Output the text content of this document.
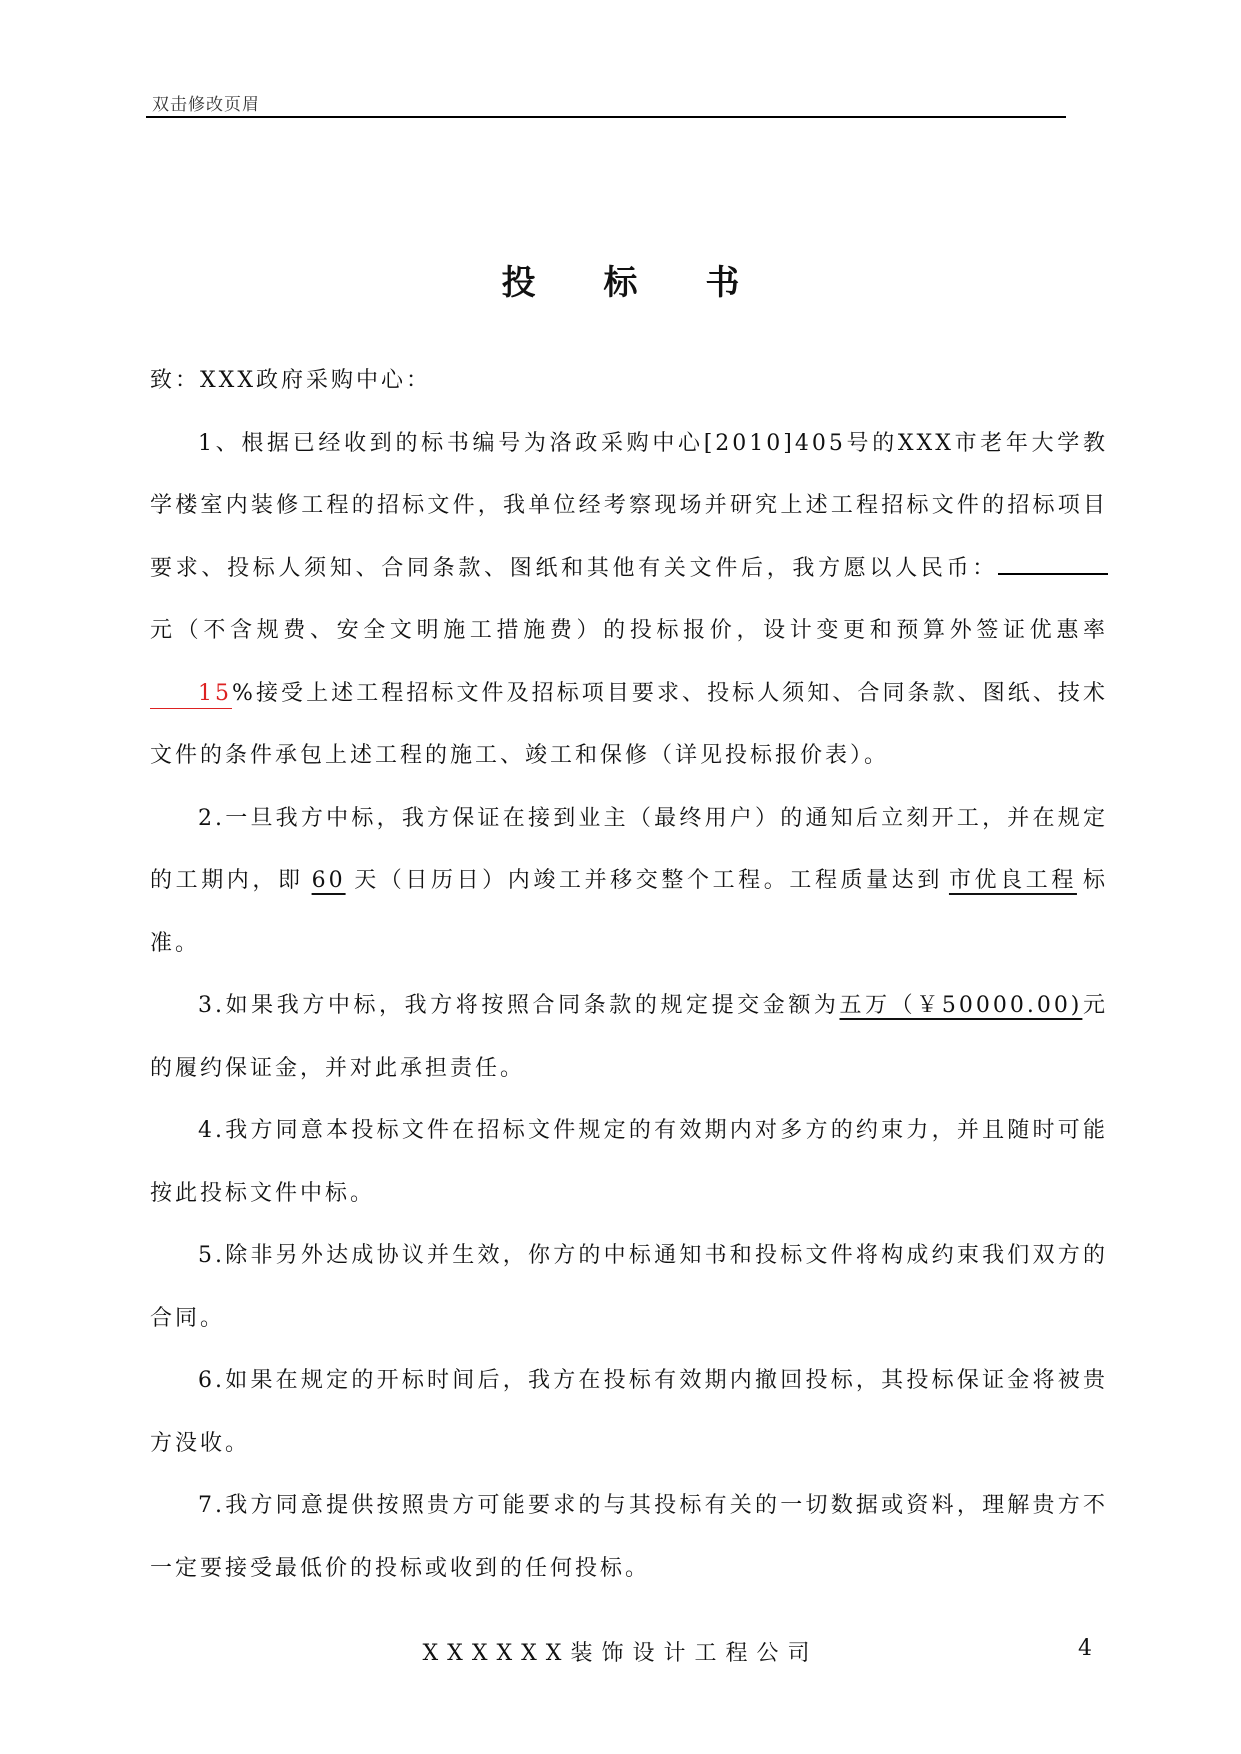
双击修改页眉
投 标 书

致：XXX政府采购中心：

1、根据已经收到的标书编号为洛政采购中心[2010]405号的XXX市老年大学教学楼室内装修工程的招标文件，我单位经考察现场并研究上述工程招标文件的招标项目要求、投标人须知、合同条款、图纸和其他有关文件后，我方愿以人民币：元（不含规费、安全文明施工措施费）的投标报价，设计变更和预算外签证优惠率15%接受上述工程招标文件及招标项目要求、投标人须知、合同条款、图纸、技术文件的条件承包上述工程的施工、竣工和保修（详见投标报价表）。

2.一旦我方中标，我方保证在接到业主（最终用户）的通知后立刻开工，并在规定的工期内，即 60 天（日历日）内竣工并移交整个工程。工程质量达到 市优良工程 标准。

3.如果我方中标，我方将按照合同条款的规定提交金额为五万（￥50000.00)元的履约保证金，并对此承担责任。

4.我方同意本投标文件在招标文件规定的有效期内对多方的约束力，并且随时可能按此投标文件中标。

5.除非另外达成协议并生效，你方的中标通知书和投标文件将构成约束我们双方的合同。

6.如果在规定的开标时间后，我方在投标有效期内撤回投标，其投标保证金将被贵方没收。

7.我方同意提供按照贵方可能要求的与其投标有关的一切数据或资料，理解贵方不一定要接受最低价的投标或收到的任何投标。

XXXXXX装饰设计工程公司	4
